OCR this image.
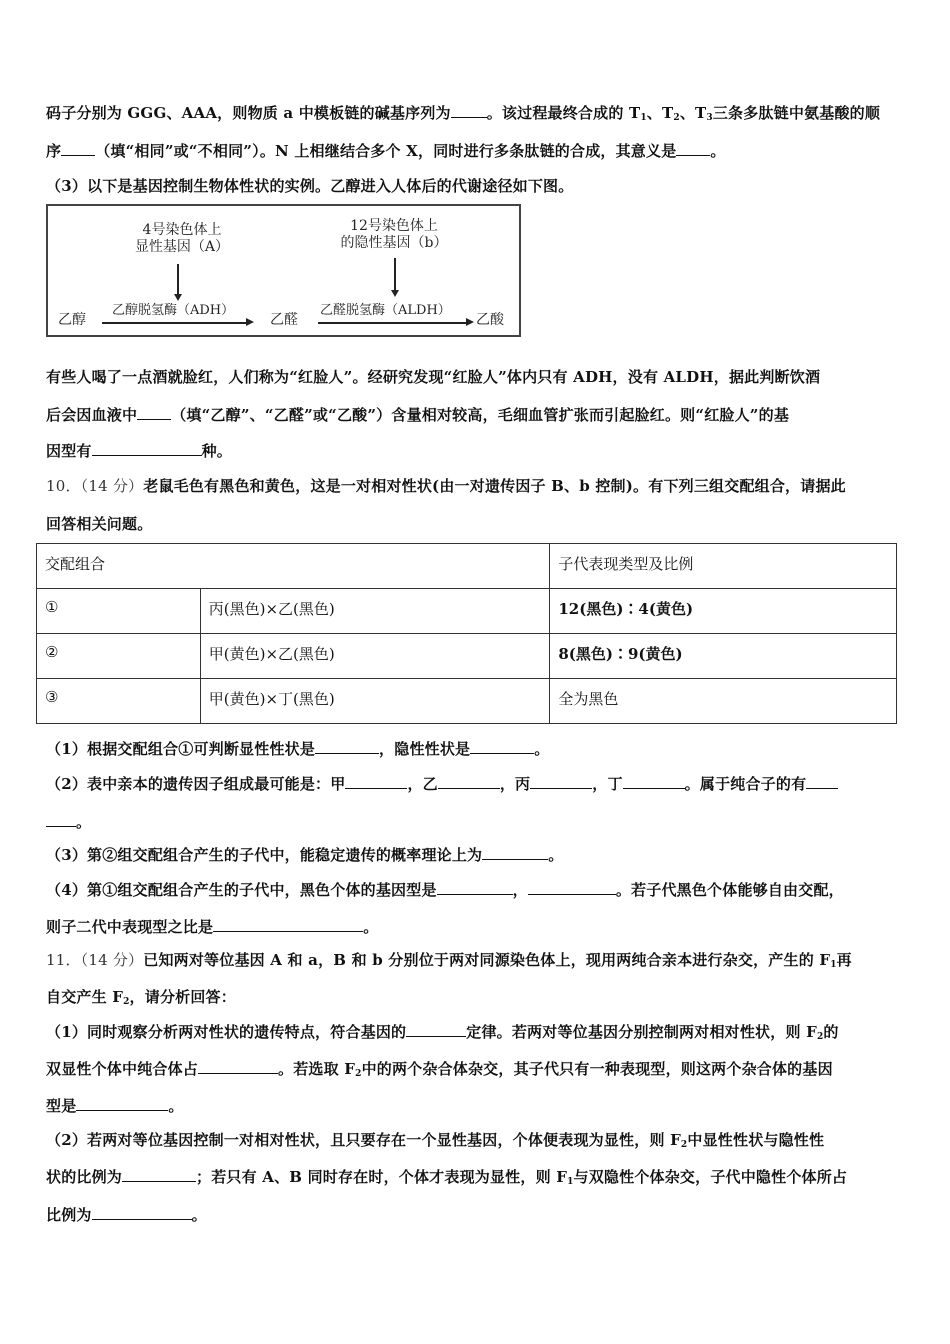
码子分别为 GGG、AAA，则物质 a 中模板链的碱基序列为 。该过程最终合成的 $T_1$、$T_2$、$T_3$三条多肽链中氨基酸的顺
序 （填“相同”或“不相同”）。N 上相继结合多个 X，同时进行多条肽链的合成，其意义是 。
（3）以下是基因控制生物体性状的实例。乙醇进入人体后的代谢途径如下图。
4号染色体上
显性基因（A）
12号染色体上
的隐性基因（b）
乙醇
乙醇脱氢酶（ADH）
乙醛
乙醛脱氢酶（ALDH）
乙酸
有些人喝了一点酒就脸红，人们称为“红脸人”。经研究发现“红脸人”体内只有 ADH，没有 ALDH，据此判断饮酒
后会因血液中 （填“乙醇”、“乙醛”或“乙酸”）含量相对较高，毛细血管扩张而引起脸红。则“红脸人”的基
因型有	种。
10．（14 分）老鼠毛色有黑色和黄色，这是一对相对性状(由一对遗传因子 B、b 控制)。有下列三组交配组合，请据此
回答相关问题。
交配组合		子代表现类型及比例
①	丙(黑色)×乙(黑色)	12(黑色)∶4(黄色)
②	甲(黄色)×乙(黑色)	8(黑色)∶9(黄色)
③	甲(黄色)×丁(黑色)	全为黑色
（1）根据交配组合①可判断显性性状是	，隐性性状是	。
（2）表中亲本的遗传因子组成最可能是：甲	，乙	，丙	，丁	。属于纯合子的有
。
（3）第②组交配组合产生的子代中，能稳定遗传的概率理论上为	。
（4）第①组交配组合产生的子代中，黑色个体的基因型是	，	。若子代黑色个体能够自由交配，
则子二代中表现型之比是	。
11．（14 分）已知两对等位基因 A 和 a，B 和 b 分别位于两对同源染色体上，现用两纯合亲本进行杂交，产生的 $F_1$再
自交产生 $F_2$，请分析回答：
（1）同时观察分析两对性状的遗传特点，符合基因的	定律。若两对等位基因分别控制两对相对性状，则 $F_2$的
双显性个体中纯合体占	。若选取 $F_2$中的两个杂合体杂交，其子代只有一种表现型，则这两个杂合体的基因
型是	。
（2）若两对等位基因控制一对相对性状，且只要存在一个显性基因，个体便表现为显性，则 $F_2$中显性性状与隐性性
状的比例为	；若只有 A、B 同时存在时，个体才表现为显性，则 $F_1$与双隐性个体杂交，子代中隐性个体所占
比例为	。
